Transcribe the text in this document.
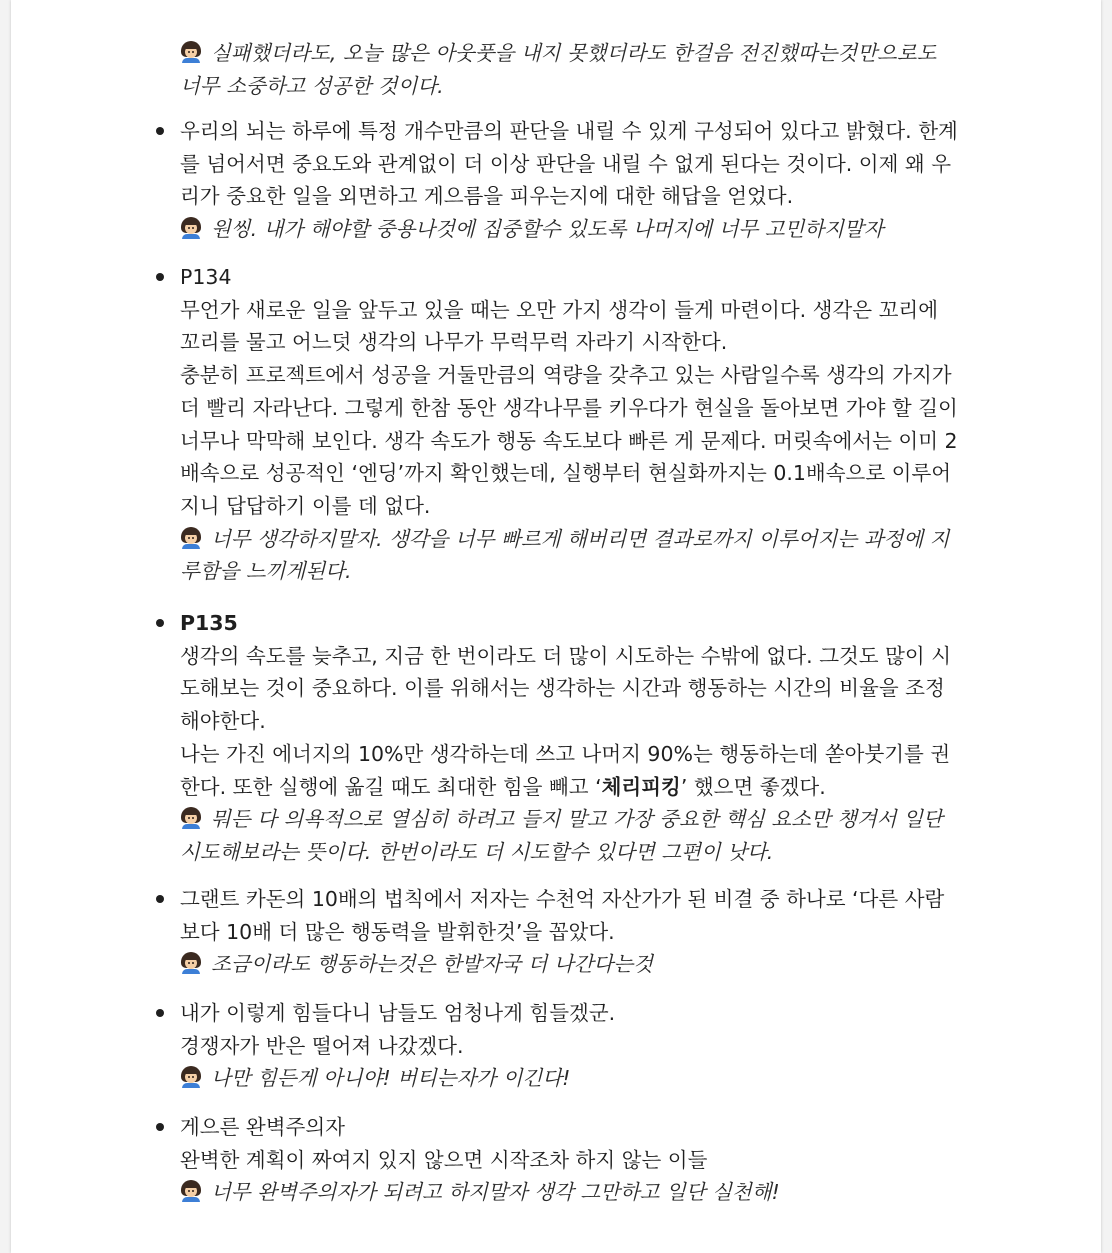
실패했더라도, 오늘 많은 아웃풋을 내지 못했더라도 한걸음 전진했따는것만으로도
너무 소중하고 성공한 것이다.
우리의 뇌는 하루에 특정 개수만큼의 판단을 내릴 수 있게 구성되어 있다고 밝혔다. 한계
를 넘어서면 중요도와 관계없이 더 이상 판단을 내릴 수 없게 된다는 것이다. 이제 왜 우
리가 중요한 일을 외면하고 게으름을 피우는지에 대한 해답을 얻었다.
원씽. 내가 해야할 중용나것에 집중할수 있도록 나머지에 너무 고민하지말자
P134
무언가 새로운 일을 앞두고 있을 때는 오만 가지 생각이 들게 마련이다. 생각은 꼬리에
꼬리를 물고 어느덧 생각의 나무가 무럭무럭 자라기 시작한다.
충분히 프로젝트에서 성공을 거둘만큼의 역량을 갖추고 있는 사람일수록 생각의 가지가
더 빨리 자라난다. 그렇게 한참 동안 생각나무를 키우다가 현실을 돌아보면 가야 할 길이
너무나 막막해 보인다. 생각 속도가 행동 속도보다 빠른 게 문제다. 머릿속에서는 이미 2
배속으로 성공적인 ‘엔딩’까지 확인했는데, 실행부터 현실화까지는 0.1배속으로 이루어
지니 답답하기 이를 데 없다.
너무 생각하지말자. 생각을 너무 빠르게 해버리면 결과로까지 이루어지는 과정에 지
루함을 느끼게된다.
P135
생각의 속도를 늦추고, 지금 한 번이라도 더 많이 시도하는 수밖에 없다. 그것도 많이 시
도해보는 것이 중요하다. 이를 위해서는 생각하는 시간과 행동하는 시간의 비율을 조정
해야한다.
나는 가진 에너지의 10%만 생각하는데 쓰고 나머지 90%는 행동하는데 쏟아붓기를 권
한다. 또한 실행에 옮길 때도 최대한 힘을 빼고 ‘체리피킹’ 했으면 좋겠다.
뭐든 다 의욕적으로 열심히 하려고 들지 말고 가장 중요한 핵심 요소만 챙겨서 일단
시도해보라는 뜻이다. 한번이라도 더 시도할수 있다면 그편이 낫다.
그랜트 카돈의 10배의 법칙에서 저자는 수천억 자산가가 된 비결 중 하나로 ‘다른 사람
보다 10배 더 많은 행동력을 발휘한것’을 꼽았다.
조금이라도 행동하는것은 한발자국 더 나간다는것
내가 이렇게 힘들다니 남들도 엄청나게 힘들겠군.
경쟁자가 반은 떨어져 나갔겠다.
나만 힘든게 아니야! 버티는자가 이긴다!
게으른 완벽주의자
완벽한 계획이 짜여지 있지 않으면 시작조차 하지 않는 이들
너무 완벽주의자가 되려고 하지말자 생각 그만하고 일단 실천해!
